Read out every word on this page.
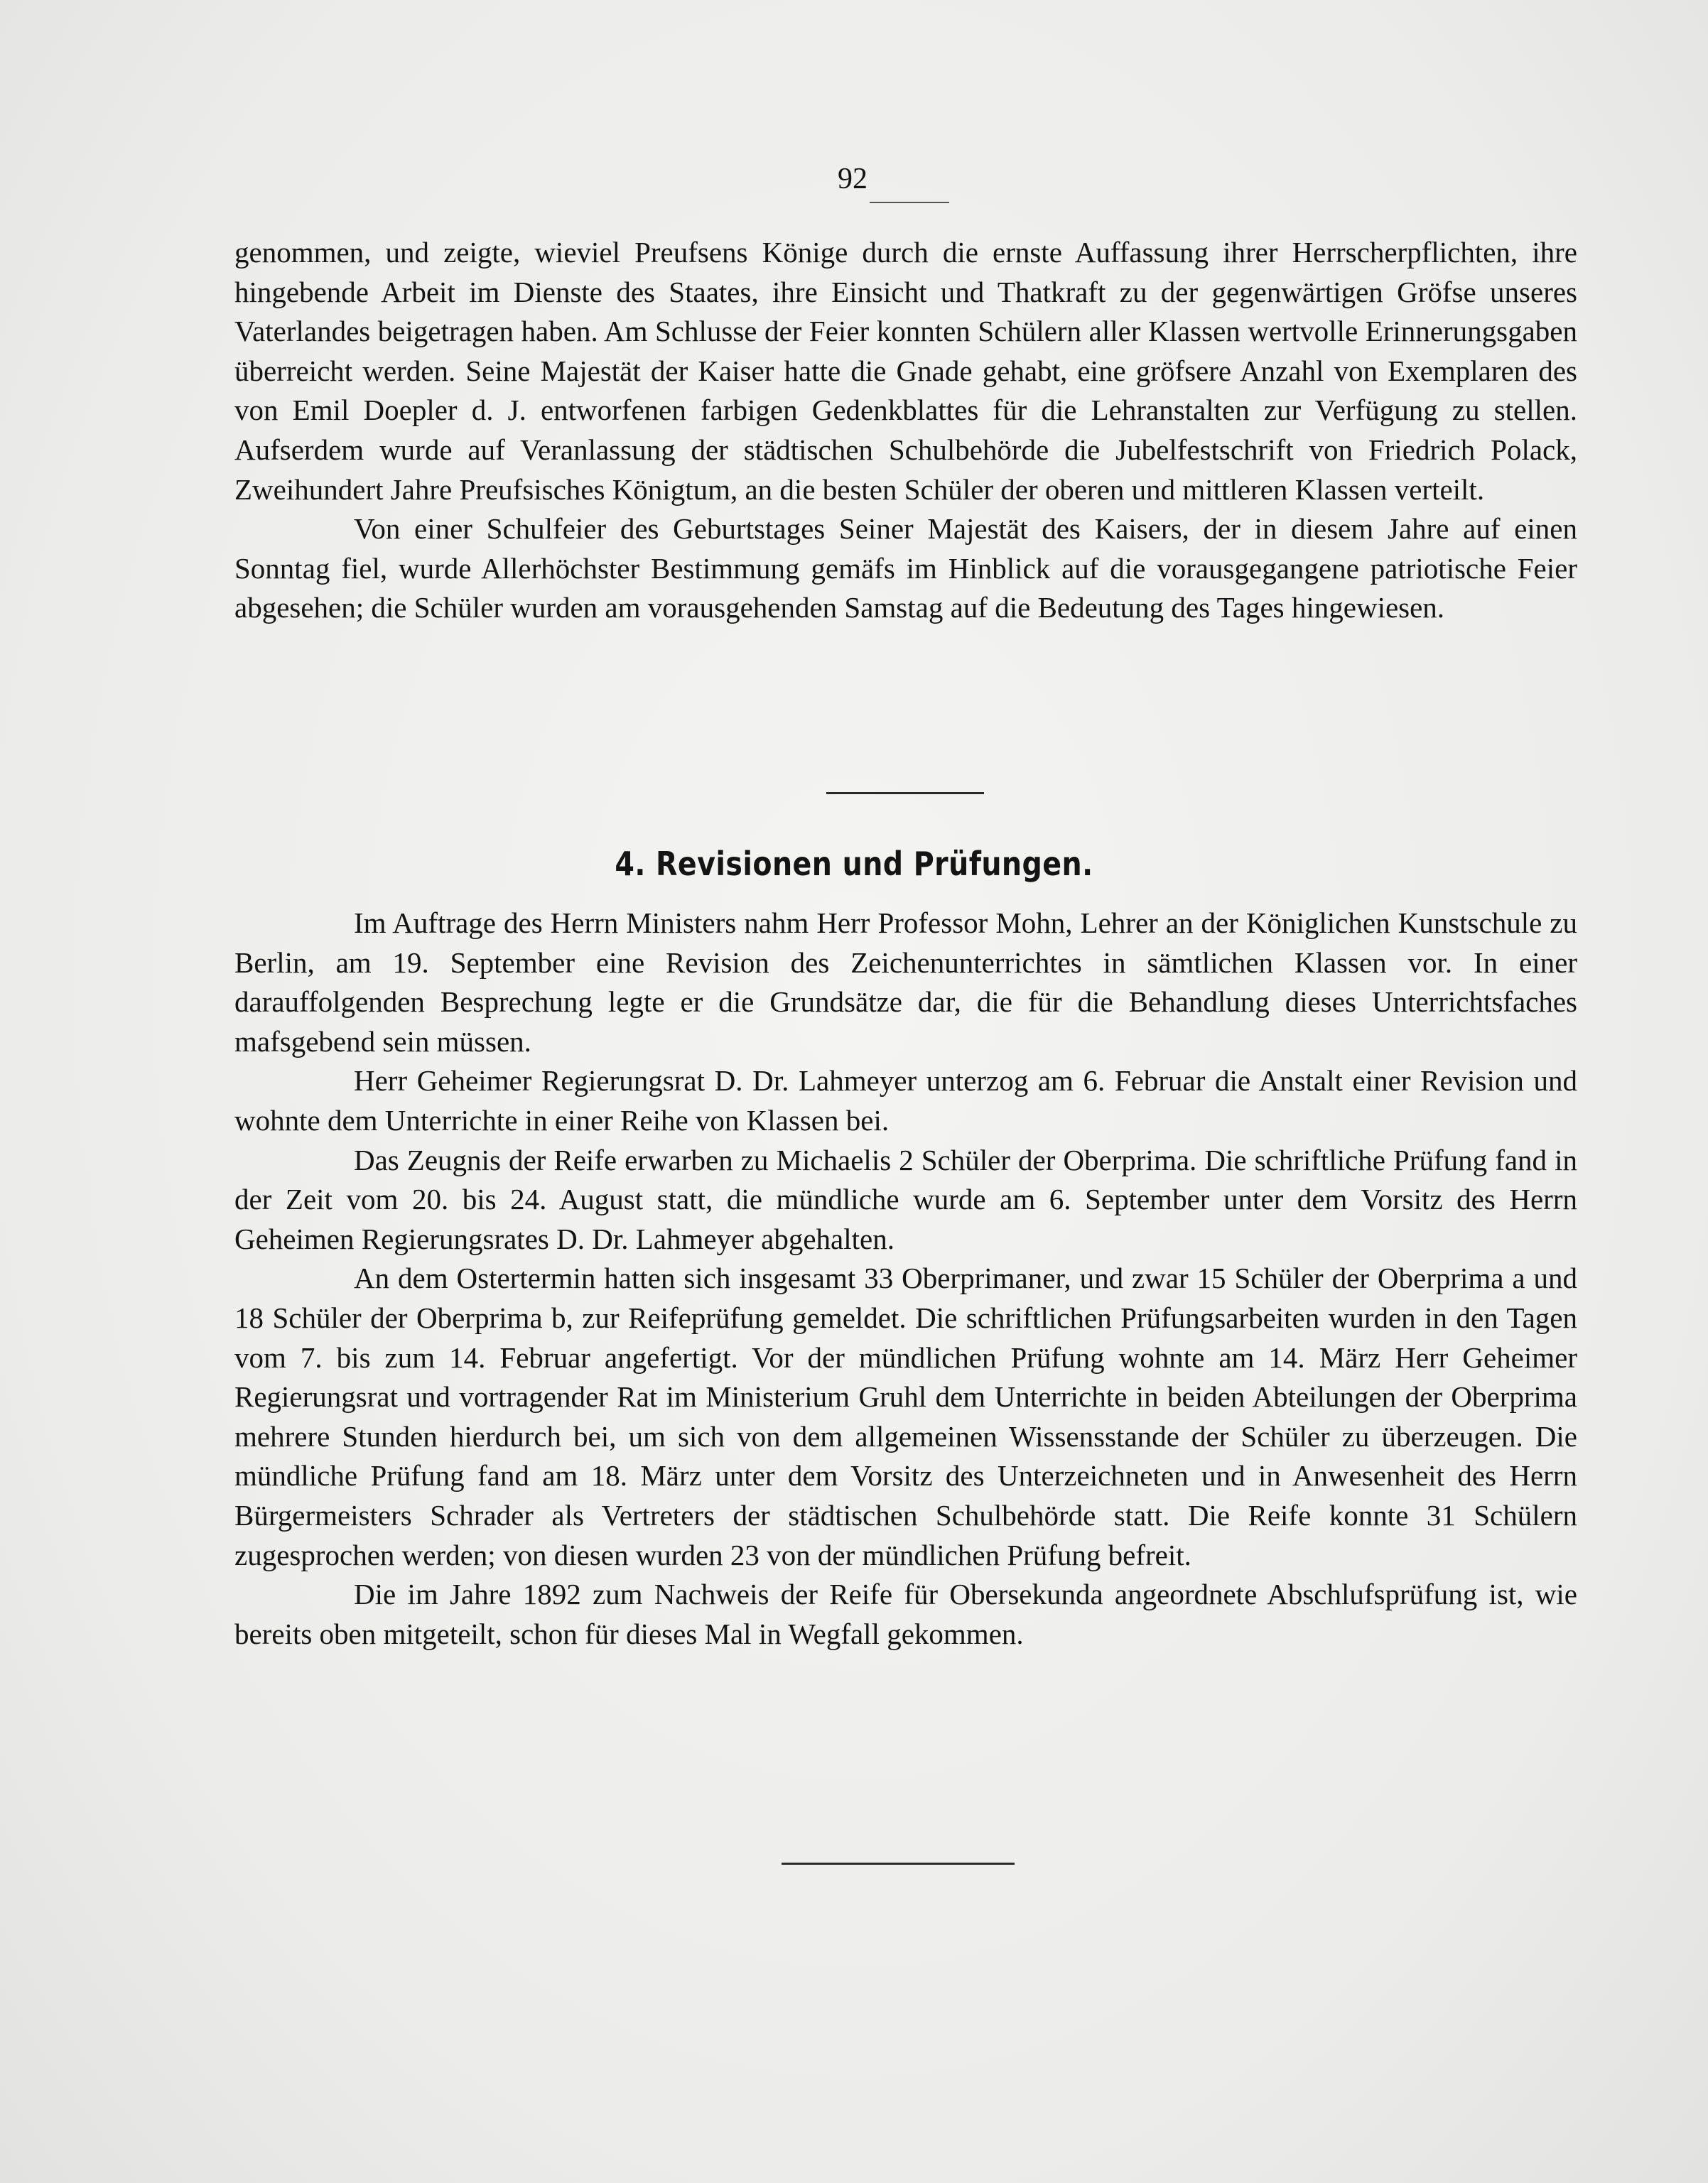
92

genommen, und zeigte, wieviel Preufsens Könige durch die ernste Auffassung ihrer Herrscherpflichten, ihre hingebende Arbeit im Dienste des Staates, ihre Einsicht und Thatkraft zu der gegenwärtigen Gröfse unseres Vaterlandes beigetragen haben. Am Schlusse der Feier konnten Schülern aller Klassen wertvolle Erinnerungsgaben überreicht werden. Seine Majestät der Kaiser hatte die Gnade gehabt, eine gröfsere Anzahl von Exemplaren des von Emil Doepler d. J. entworfenen farbigen Gedenkblattes für die Lehranstalten zur Verfügung zu stellen. Aufserdem wurde auf Veranlassung der städtischen Schulbehörde die Jubelfestschrift von Friedrich Polack, Zweihundert Jahre Preufsisches Königtum, an die besten Schüler der oberen und mittleren Klassen verteilt.

Von einer Schulfeier des Geburtstages Seiner Majestät des Kaisers, der in diesem Jahre auf einen Sonntag fiel, wurde Allerhöchster Bestimmung gemäfs im Hinblick auf die vorausgegangene patriotische Feier abgesehen; die Schüler wurden am vorausgehenden Samstag auf die Bedeutung des Tages hingewiesen.

4. Revisionen und Prüfungen.

Im Auftrage des Herrn Ministers nahm Herr Professor Mohn, Lehrer an der Königlichen Kunstschule zu Berlin, am 19. September eine Revision des Zeichenunterrichtes in sämtlichen Klassen vor. In einer darauffolgenden Besprechung legte er die Grundsätze dar, die für die Behandlung dieses Unterrichtsfaches mafsgebend sein müssen.

Herr Geheimer Regierungsrat D. Dr. Lahmeyer unterzog am 6. Februar die Anstalt einer Revision und wohnte dem Unterrichte in einer Reihe von Klassen bei.

Das Zeugnis der Reife erwarben zu Michaelis 2 Schüler der Oberprima. Die schriftliche Prüfung fand in der Zeit vom 20. bis 24. August statt, die mündliche wurde am 6. September unter dem Vorsitz des Herrn Geheimen Regierungsrates D. Dr. Lahmeyer abgehalten.

An dem Ostertermin hatten sich insgesamt 33 Oberprimaner, und zwar 15 Schüler der Oberprima a und 18 Schüler der Oberprima b, zur Reifeprüfung gemeldet. Die schriftlichen Prüfungsarbeiten wurden in den Tagen vom 7. bis zum 14. Februar angefertigt. Vor der mündlichen Prüfung wohnte am 14. März Herr Geheimer Regierungsrat und vortragender Rat im Ministerium Gruhl dem Unterrichte in beiden Abteilungen der Oberprima mehrere Stunden hierdurch bei, um sich von dem allgemeinen Wissensstande der Schüler zu überzeugen. Die mündliche Prüfung fand am 18. März unter dem Vorsitz des Unterzeichneten und in Anwesenheit des Herrn Bürgermeisters Schrader als Vertreters der städtischen Schulbehörde statt. Die Reife konnte 31 Schülern zugesprochen werden; von diesen wurden 23 von der mündlichen Prüfung befreit.

Die im Jahre 1892 zum Nachweis der Reife für Obersekunda angeordnete Abschlufsprüfung ist, wie bereits oben mitgeteilt, schon für dieses Mal in Wegfall gekommen.
